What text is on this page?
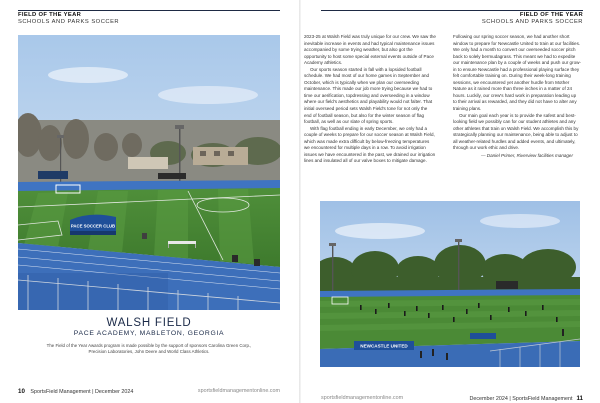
FIELD OF THE YEAR
SCHOOLS AND PARKS SOCCER
PACE SOCCER CLUB
WALSH FIELD
PACE ACADEMY, MABLETON, GEORGIA
The Field of the Year Awards program is made possible by the support of sponsors Carolina Green Corp., Precision Laboratories, John Deere and World Class Athletics.
10 SportsField Management | December 2024	sportsfieldmanagementonline.com
FIELD OF THE YEAR
SCHOOLS AND PARKS SOCCER
NEWCASTLE UNITED
sportsfieldmanagementonline.com	December 2024 | SportsField Management 11

2023-25 at Walsh Field was truly unique for our crew. We saw the inevitable increase in events and had typical maintenance issues accompanied by some trying weather, but also got the opportunity to host some special external events outside of Pace Academy athletics.

Our sports season started in fall with a lopsided football schedule. We had most of our home games in September and October, which is typically when we plan our overseeding maintenance. This made our job more trying because we had to time our aerification, topdressing and overseeding in a window where our field's aesthetics and playability would not falter. That initial overseed period sets Walsh Field's tone for not only the end of football season, but also for the winter season of flag football, as well as our slate of spring sports.

With flag football ending in early December, we only had a couple of weeks to prepare for our soccer season at Walsh Field, which was made extra difficult by below-freezing temperatures we encountered for multiple days in a row. To avoid irrigation issues we have encountered in the past, we drained our irrigation lines and insulated all of our valve boxes to mitigate damage.

Following our spring soccer season, we had another short window to prepare for Newcastle United to train at our facilities. We only had a month to convert our overseeded soccer pitch back to solely bermudagrass. This meant we had to expedite our maintenance plan by a couple of weeks and push our grow-in to ensure Newcastle had a professional playing surface they felt comfortable training on. During their week-long training sessions, we encountered yet another hurdle from Mother Nature as it rained more than three inches in a matter of 24 hours. Luckily, our crew's hard work in preparation leading up to their arrival as rewarded, and they did not have to alter any training plans.

Our main goal each year is to provide the safest and best-looking field we possibly can for our student athletes and any other athletes that train on Walsh Field. We accomplish this by strategically planning our maintenance, being able to adjust to all weather-related hurdles and added events, and ultimately, through our work ethic and drive.

— Daniel Primer, Riverview facilities manager
